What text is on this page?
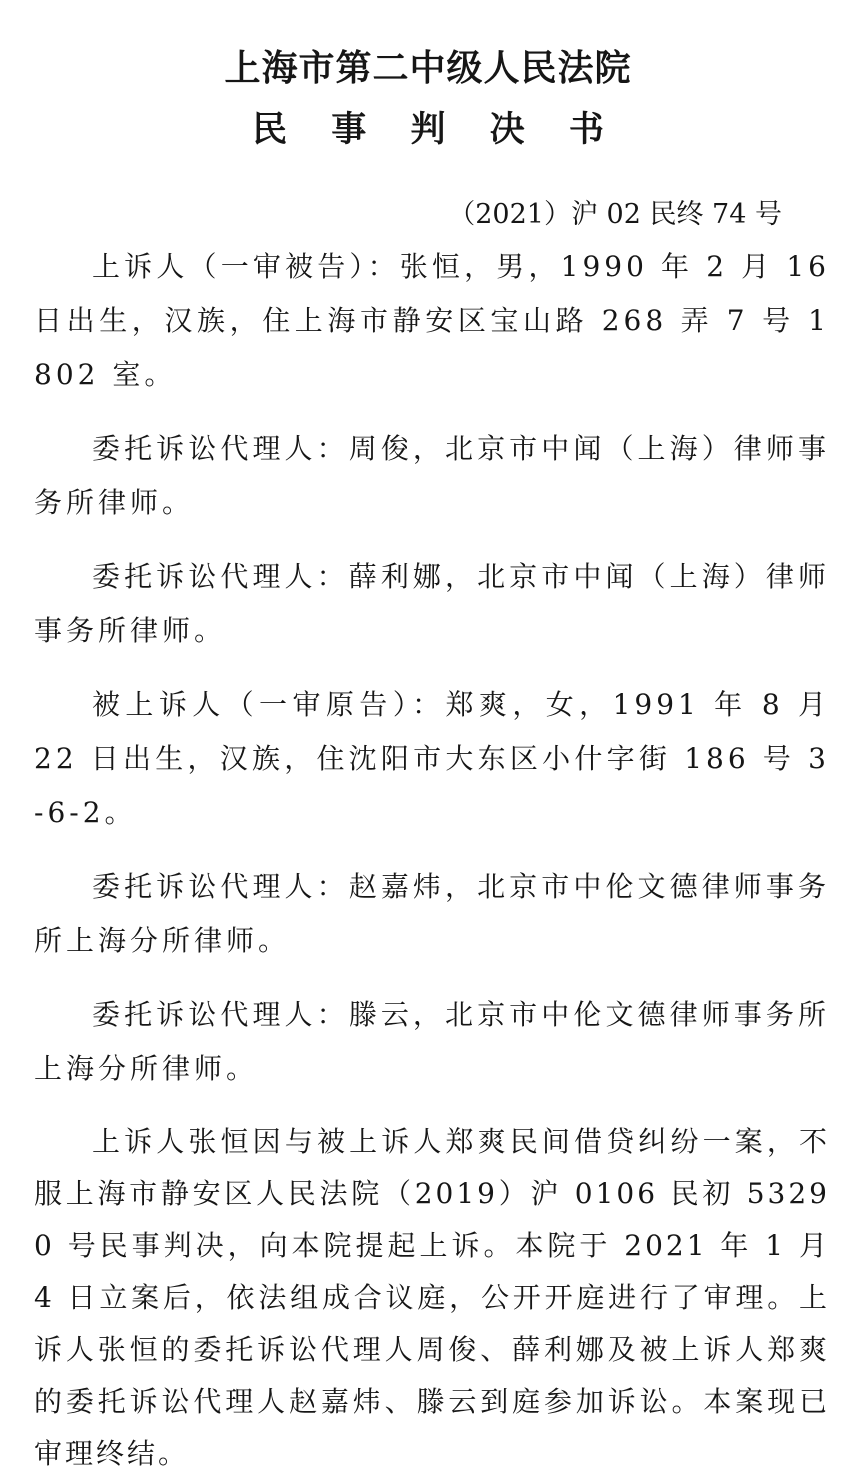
上海市第二中级人民法院
民 事 判 决 书
（2021）沪 02 民终 74 号

上诉人（一审被告）：张恒，男，1990 年 2 月 16 日出生，汉族，住上海市静安区宝山路 268 弄 7 号 1802 室。

委托诉讼代理人：周俊，北京市中闻（上海）律师事务所律师。

委托诉讼代理人：薛利娜，北京市中闻（上海）律师事务所律师。

被上诉人（一审原告）：郑爽，女，1991 年 8 月 22 日出生，汉族，住沈阳市大东区小什字街 186 号 3-6-2。

委托诉讼代理人：赵嘉炜，北京市中伦文德律师事务所上海分所律师。

委托诉讼代理人：滕云，北京市中伦文德律师事务所上海分所律师。

上诉人张恒因与被上诉人郑爽民间借贷纠纷一案，不服上海市静安区人民法院（2019）沪 0106 民初 53290 号民事判决，向本院提起上诉。本院于 2021 年 1 月 4 日立案后，依法组成合议庭，公开开庭进行了审理。上诉人张恒的委托诉讼代理人周俊、薛利娜及被上诉人郑爽的委托诉讼代理人赵嘉炜、滕云到庭参加诉讼。本案现已审理终结。
